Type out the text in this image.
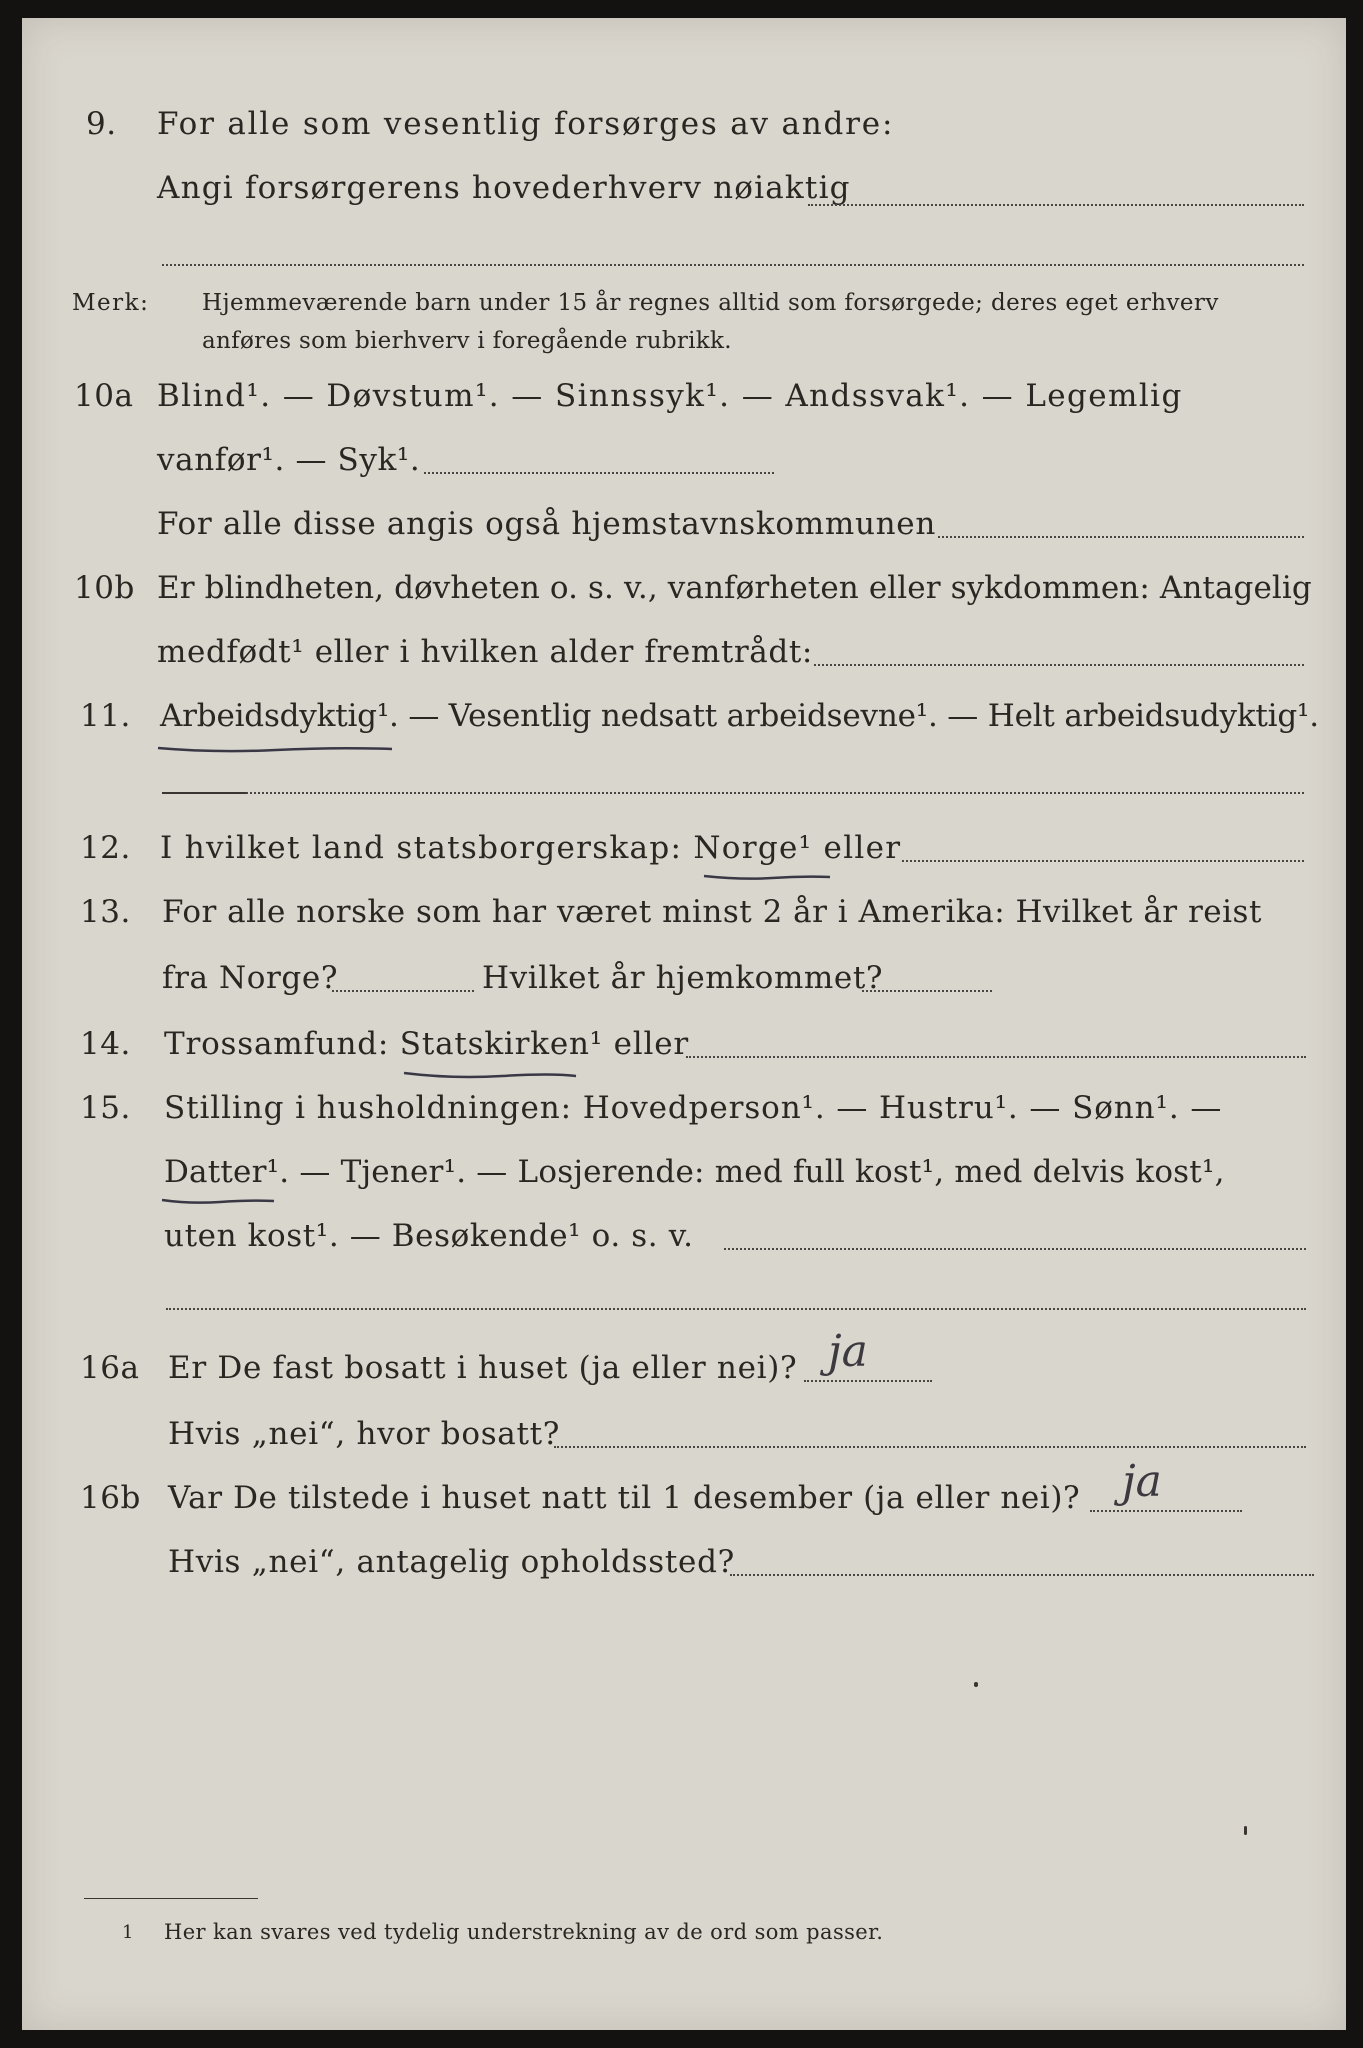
9. For alle som vesentlig forsørges av andre:
Angi forsørgerens hovederhverv nøiaktig
Merk: Hjemmeværende barn under 15 år regnes alltid som forsørgede; deres eget erhverv
anføres som bierhverv i foregående rubrikk.
10a Blind¹. — Døvstum¹. — Sinnssyk¹. — Andssvak¹. — Legemlig
vanfør¹. — Syk¹.
For alle disse angis også hjemstavnskommunen
10b Er blindheten, døvheten o. s. v., vanførheten eller sykdommen: Antagelig
medfødt¹ eller i hvilken alder fremtrådt:
11. Arbeidsdyktig¹. — Vesentlig nedsatt arbeidsevne¹. — Helt arbeidsudyktig¹.
12. I hvilket land statsborgerskap: Norge¹ eller
13. For alle norske som har været minst 2 år i Amerika: Hvilket år reist
fra Norge?	Hvilket år hjemkommet?
14. Trossamfund: Statskirken¹ eller
15. Stilling i husholdningen: Hovedperson¹. — Hustru¹. — Sønn¹. —
Datter¹. — Tjener¹. — Losjerende: med full kost¹, med delvis kost¹,
uten kost¹. — Besøkende¹ o. s. v.
16a Er De fast bosatt i huset (ja eller nei)? ja
Hvis „nei“, hvor bosatt?
16b Var De tilstede i huset natt til 1 desember (ja eller nei)? ja
Hvis „nei“, antagelig opholdssted?
1 Her kan svares ved tydelig understrekning av de ord som passer.
